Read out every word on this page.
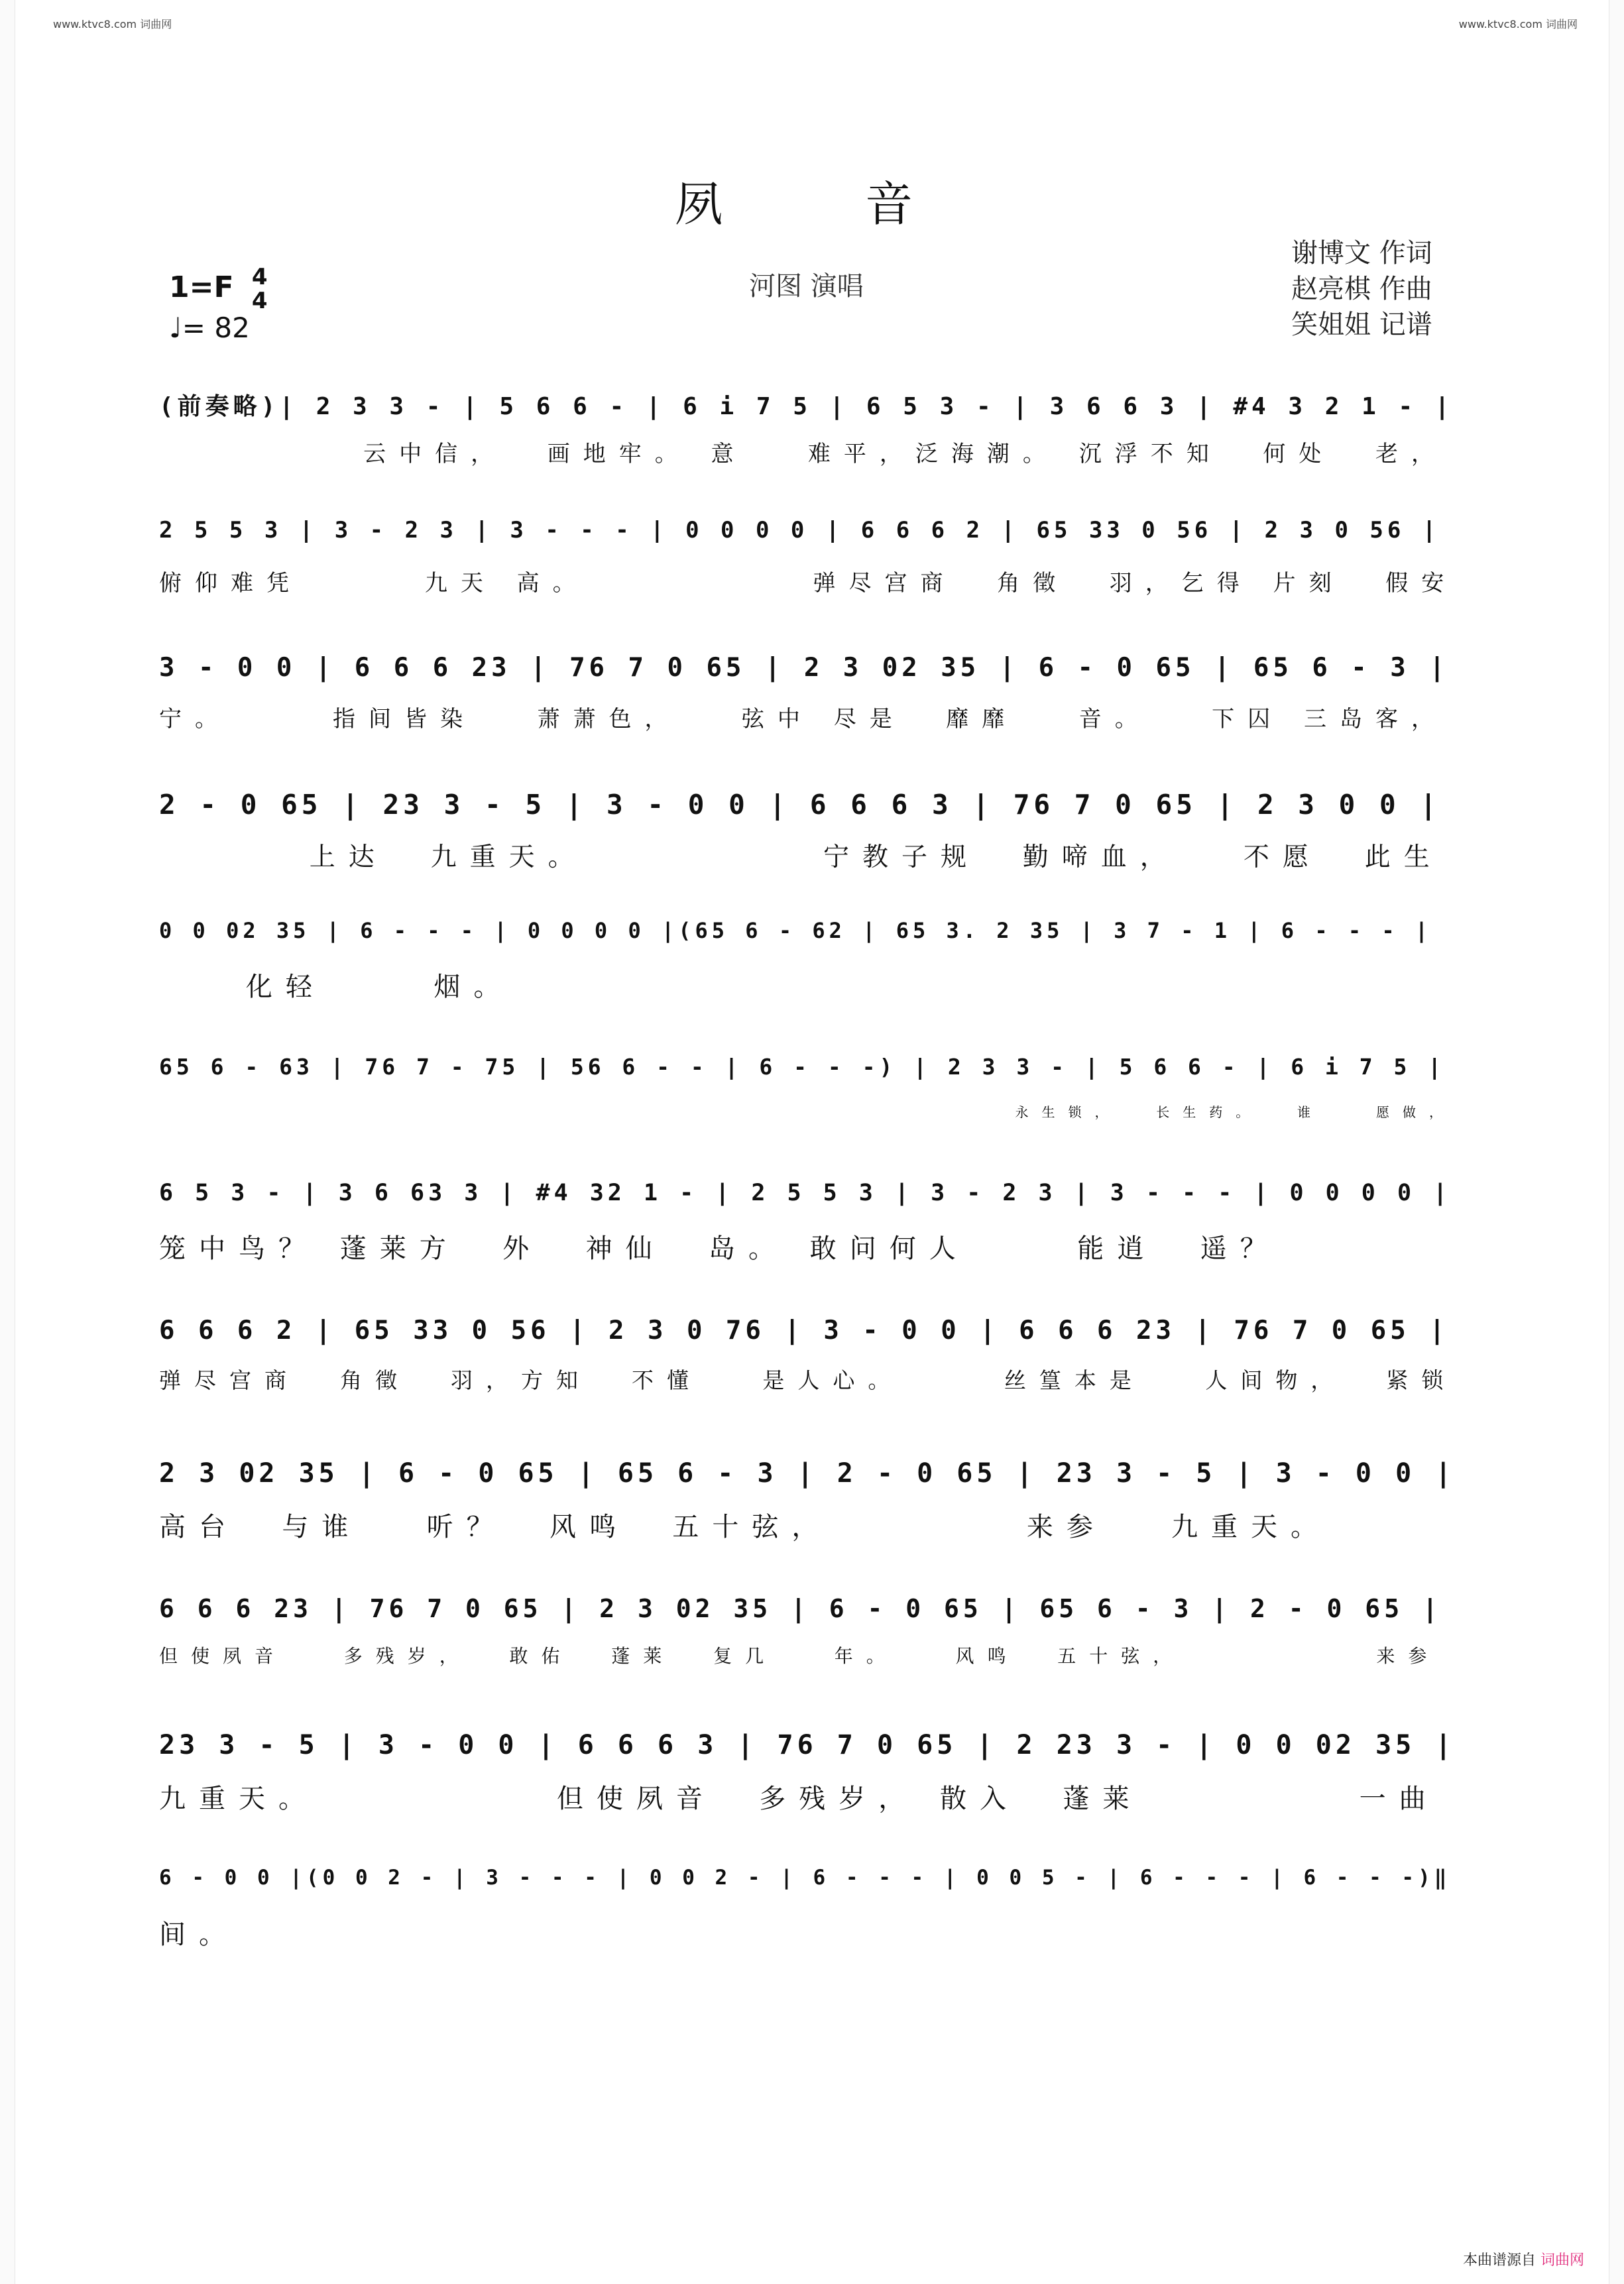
www.ktvc8.com 词曲网	www.ktvc8.com 词曲网
夙音
河图 演唱
谢博文 作词
赵亮棋 作曲
笑姐姐 记谱
1=F 4
4
♩= 82
(前奏略)| 2 3 3 - | 5 6 6 - | 6 i 7 5 | 6 5 3 - | 3 6 6 3 | #4 3 2 1 - |
云中信，  画地牢。 意   难平，泛海潮。 沉浮不知  何处  老，
2 5 5 3 | 3 - 2 3 | 3 - - - | 0 0 0 0 | 6 6 6 2 | 65 33 0 56 | 2 3 0 56 |
俯仰难凭      九天 高。           弹尽宫商  角徵  羽，乞得 片刻  假安
3 - 0 0 | 6 6 6 23 | 76 7 0 65 | 2 3 02 35 | 6 - 0 65 | 65 6 - 3 |
宁。     指间皆染   萧萧色，   弦中 尽是  靡靡   音。   下囚 三岛客，
2 - 0 65 | 23 3 - 5 | 3 - 0 0 | 6 6 6 3 | 76 7 0 65 | 2 3 0 0 |
上达  九重天。           宁教子规  勤啼血，   不愿  此生
0 0 02 35 | 6 - - - | 0 0 0 0 |(65 6 - 62 | 65 3. 2 35 | 3 7 - 1 | 6 - - - |
化轻     烟。
65 6 - 63 | 76 7 - 75 | 56 6 - - | 6 - - -) | 2 3 3 - | 5 6 6 - | 6 i 7 5 |
永生锁，  长生药。  谁   愿做，
6 5 3 - | 3 6 63 3 | #4 32 1 - | 2 5 5 3 | 3 - 2 3 | 3 - - - | 0 0 0 0 |
笼中鸟？ 蓬莱方  外  神仙  岛。 敢问何人     能逍  遥？
6 6 6 2 | 65 33 0 56 | 2 3 0 76 | 3 - 0 0 | 6 6 6 23 | 76 7 0 65 |
弹尽宫商  角徵  羽，方知  不懂   是人心。     丝篁本是   人间物，  紧锁
2 3 02 35 | 6 - 0 65 | 65 6 - 3 | 2 - 0 65 | 23 3 - 5 | 3 - 0 0 |
高台  与谁   听？  风鸣  五十弦，         来参   九重天。
6 6 6 23 | 76 7 0 65 | 2 3 02 35 | 6 - 0 65 | 65 6 - 3 | 2 - 0 65 |
但使夙音   多残岁，  敢佑  蓬莱  复几   年。   风鸣  五十弦，          来参
23 3 - 5 | 3 - 0 0 | 6 6 6 3 | 76 7 0 65 | 2 23 3 - | 0 0 02 35 |
九重天。           但使夙音  多残岁， 散入  蓬莱          一曲
6 - 0 0 |(0 0 2 - | 3 - - - | 0 0 2 - | 6 - - - | 0 0 5 - | 6 - - - | 6 - - -)‖
间。
本曲谱源自 词曲网
